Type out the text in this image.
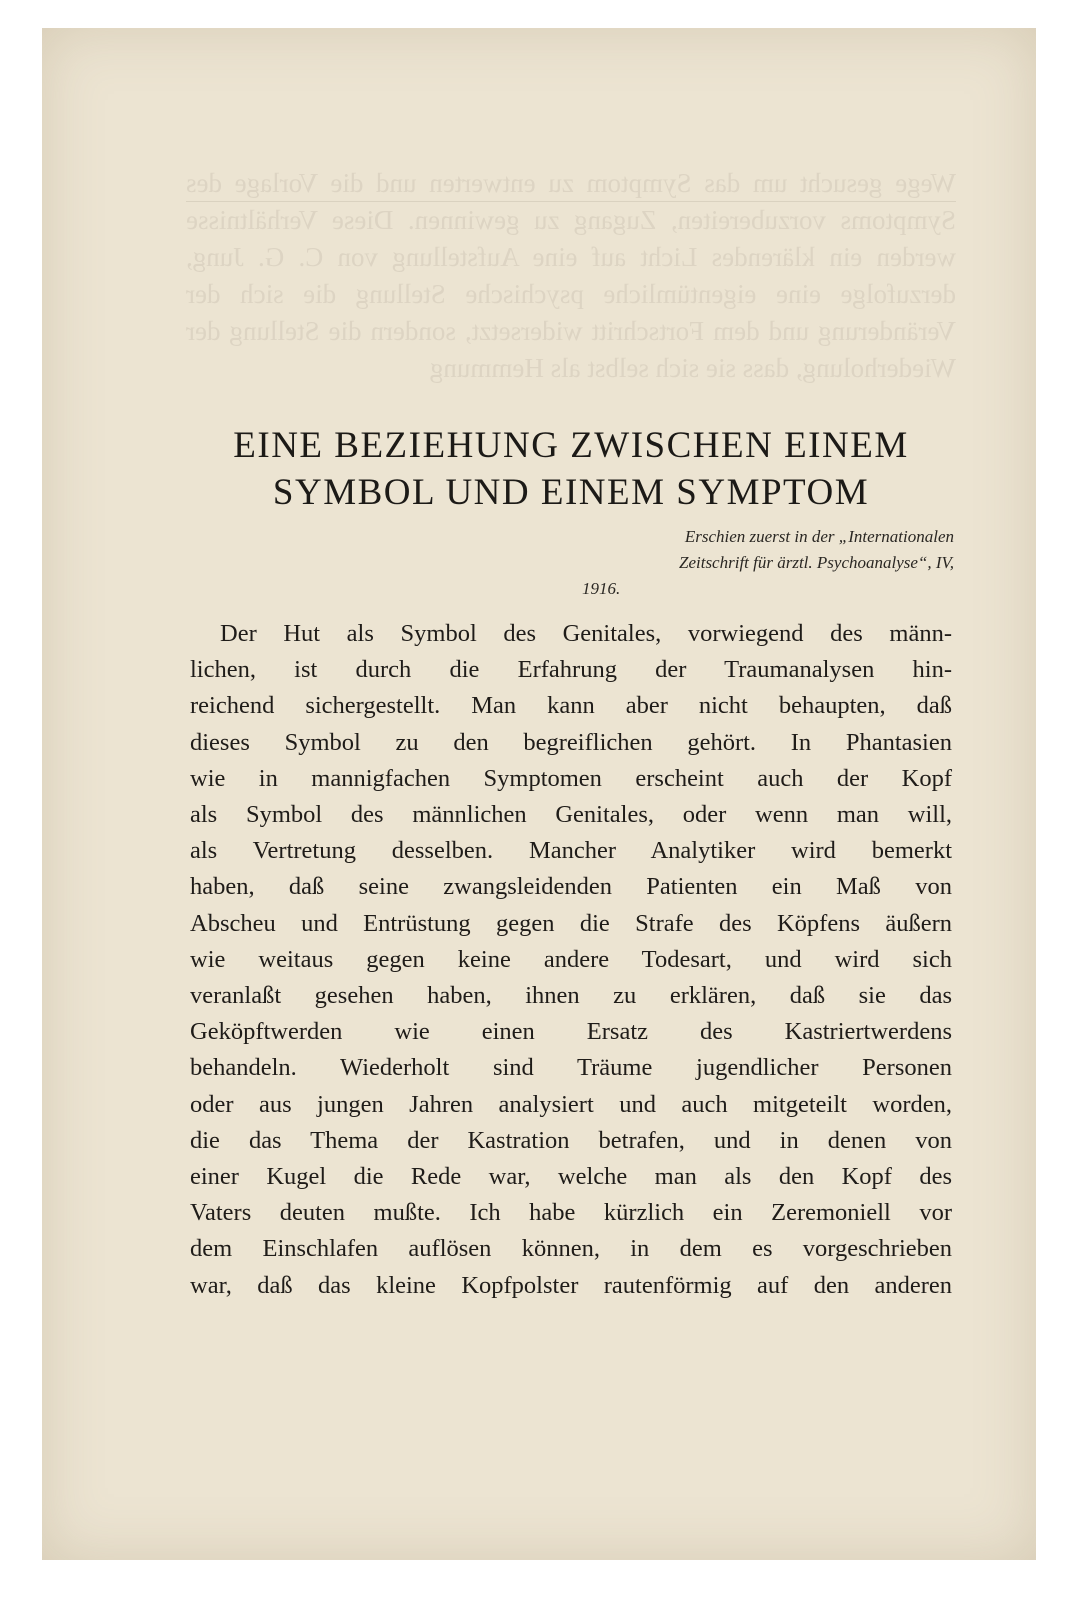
EINE BEZIEHUNG ZWISCHEN EINEM
SYMBOL UND EINEM SYMPTOM
Erschien zuerst in der „Internationalen
Zeitschrift für ärztl. Psychoanalyse“, IV,
1916.

Der Hut als Symbol des Genitales, vorwiegend des männ-
lichen, ist durch die Erfahrung der Traumanalysen hin-
reichend sichergestellt. Man kann aber nicht behaupten, daß
dieses Symbol zu den begreiflichen gehört. In Phantasien
wie in mannigfachen Symptomen erscheint auch der Kopf
als Symbol des männlichen Genitales, oder wenn man will,
als Vertretung desselben. Mancher Analytiker wird bemerkt
haben, daß seine zwangsleidenden Patienten ein Maß von
Abscheu und Entrüstung gegen die Strafe des Köpfens äußern
wie weitaus gegen keine andere Todesart, und wird sich
veranlaßt gesehen haben, ihnen zu erklären, daß sie das
Geköpftwerden wie einen Ersatz des Kastriertwerdens
behandeln. Wiederholt sind Träume jugendlicher Personen
oder aus jungen Jahren analysiert und auch mitgeteilt worden,
die das Thema der Kastration betrafen, und in denen von
einer Kugel die Rede war, welche man als den Kopf des
Vaters deuten mußte. Ich habe kürzlich ein Zeremoniell vor
dem Einschlafen auflösen können, in dem es vorgeschrieben
war, daß das kleine Kopfpolster rautenförmig auf den anderen
